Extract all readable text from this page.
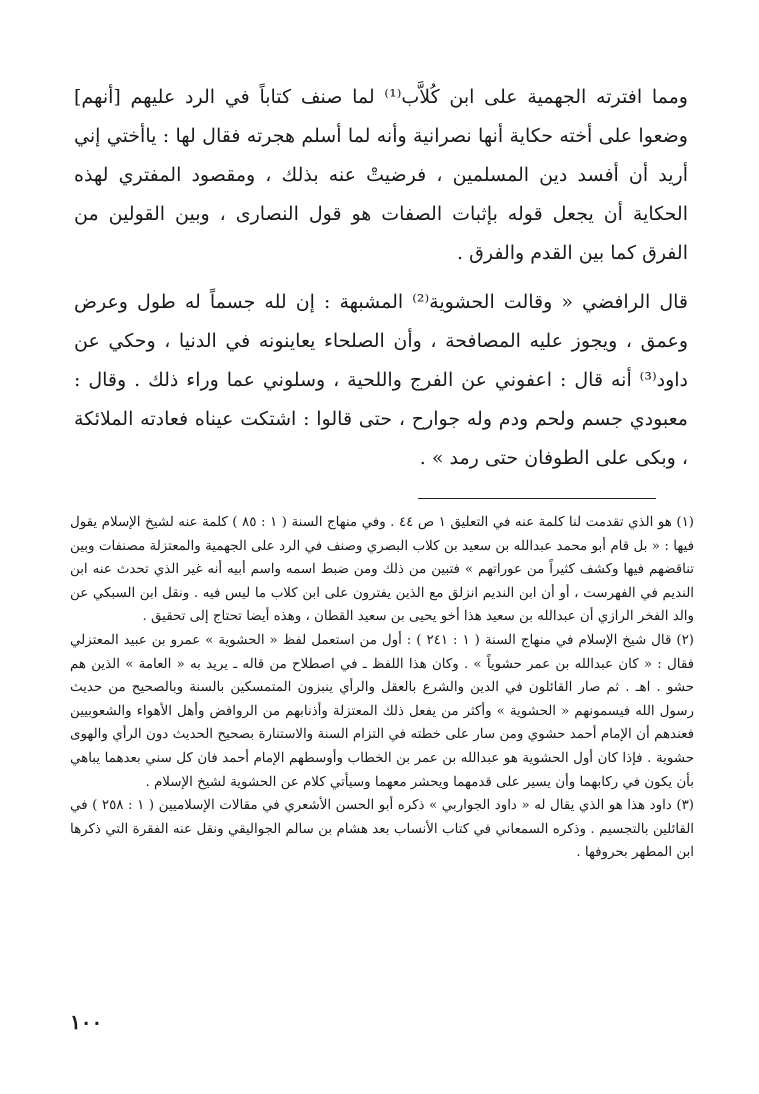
ومما افترته الجهمية على ابن كُلاَّب⁽¹⁾ لما صنف كتاباً في الرد عليهم [أنهم] وضعوا على أخته حكاية أنها نصرانية وأنه لما أسلم هجرته فقال لها : ياأختي إني أريد أن أفسد دين المسلمين ، فرضيتْ عنه بذلك ، ومقصود المفتري لهذه الحكاية أن يجعل قوله بإثبات الصفات هو قول النصارى ، وبين القولين من الفرق كما بين القدم والفرق .

قال الرافضي « وقالت الحشوية⁽²⁾ المشبهة : إن لله جسماً له طول وعرض وعمق ، ويجوز عليه المصافحة ، وأن الصلحاء يعاينونه في الدنيا ، وحكي عن داود⁽³⁾ أنه قال : اعفوني عن الفرج واللحية ، وسلوني عما وراء ذلك . وقال : معبودي جسم ولحم ودم وله جوارح ، حتى قالوا : اشتكت عيناه فعادته الملائكة ، وبكى على الطوفان حتى رمد » .

(١) هو الذي تقدمت لنا كلمة عنه في التعليق ١ ص ٤٤ . وفي منهاج السنة ( ١ : ٨٥ ) كلمة عنه لشيخ الإسلام يقول فيها : « بل قام أبو محمد عبدالله بن سعيد بن كلاب البصري وصنف في الرد على الجهمية والمعتزلة مصنفات وبين تناقضهم فيها وكشف كثيراً من عوراتهم » فتبين من ذلك ومن ضبط اسمه واسم أبيه أنه غير الذي تحدث عنه ابن النديم في الفهرست ، أو أن ابن النديم انزلق مع الذين يفترون على ابن كلاب ما ليس فيه . ونقل ابن السبكي عن والد الفخر الرازي أن عبدالله بن سعيد هذا أخو يحيى بن سعيد القطان ، وهذه أيضا تحتاج إلى تحقيق .

(٢) قال شيخ الإسلام في منهاج السنة ( ١ : ٢٤١ ) : أول من استعمل لفظ « الحشوية » عمرو بن عبيد المعتزلي فقال : « كان عبدالله بن عمر حشوياً » . وكان هذا اللفظ ـ في اصطلاح من قاله ـ يريد به « العامة » الذين هم حشو . اهـ . ثم صار القائلون في الدين والشرع بالعقل والرأي ينبزون المتمسكين بالسنة وبالصحيح من حديث رسول الله فيسمونهم « الحشوية » وأكثر من يفعل ذلك المعتزلة وأذنابهم من الروافض وأهل الأهواء والشعوبيين فعندهم أن الإمام أحمد حشوي ومن سار على خطته في التزام السنة والاستنارة بصحيح الحديث دون الرأي والهوى حشوية . فإذا كان أول الحشوية هو عبدالله بن عمر بن الخطاب وأوسطهم الإمام أحمد فان كل سني بعدهما يباهي بأن يكون في ركابهما وأن يسير على قدمهما ويحشر معهما وسيأتي كلام عن الحشوية لشيخ الإسلام .

(٣) داود هذا هو الذي يقال له « داود الجواربي » ذكره أبو الحسن الأشعري في مقالات الإسلاميين ( ١ : ٢٥٨ ) في القائلين بالتجسيم . وذكره السمعاني في كتاب الأنساب بعد هشام بن سالم الجواليقي ونقل عنه الفقرة التي ذكرها ابن المطهر بحروفها .

١٠٠
